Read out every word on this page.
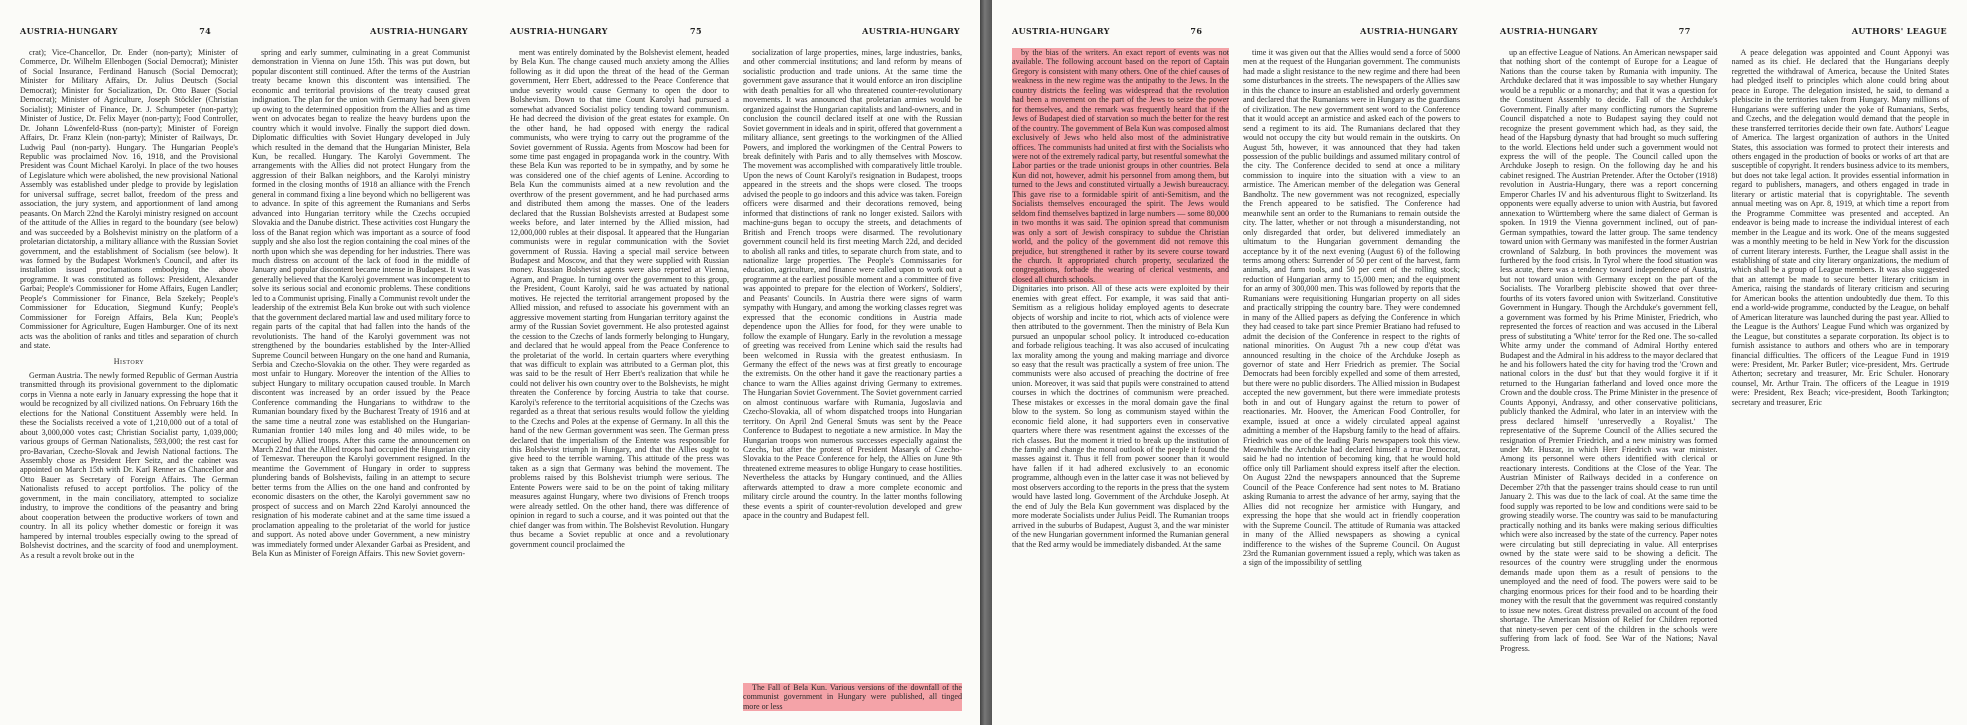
AUSTRIA-HUNGARY	74	AUSTRIA-HUNGARY

crat); Vice-Chancellor, Dr. Ender (non-party); Minister of Commerce, Dr. Wilhelm Ellenbogen (Social Democrat); Minister of Social Insurance, Ferdinand Hanusch (Social Democrat); Minister for Military Affairs, Dr. Julius Deutsch (Social Democrat); Minister for Socialization, Dr. Otto Bauer (Social Democrat); Minister of Agriculture, Joseph Stöckler (Christian Socialist); Minister of Finance, Dr. J. Schumpeter (non-party); Minister of Justice, Dr. Felix Mayer (non-party); Food Controller, Dr. Johann Löwenfeld-Russ (non-party); Minister of Foreign Affairs, Dr. Franz Klein (non-party); Minister of Railways, Dr. Ludwig Paul (non-party). Hungary. The Hungarian People's Republic was proclaimed Nov. 16, 1918, and the Provisional President was Count Michael Karolyi. In place of the two houses of Legislature which were abolished, the new provisional National Assembly was established under pledge to provide by legislation for universal suffrage, secret ballot, freedom of the press and association, the jury system, and apportionment of land among peasants. On March 22nd the Karolyi ministry resigned on account of the attitude of the Allies in regard to the boundary (see below) and was succeeded by a Bolshevist ministry on the platform of a proletarian dictatorship, a military alliance with the Russian Soviet government, and the establishment of Socialism (see below). It was formed by the Budapest Workmen's Council, and after its installation issued proclamations embodying the above programme. It was constituted as follows: President, Alexander Garbai; People's Commissioner for Home Affairs, Eugen Landler; People's Commissioner for Finance, Bela Szekely; People's Commissioner for Education, Siegmund Kunfy; People's Commissioner for Foreign Affairs, Bela Kun; People's Commissioner for Agriculture, Eugen Hamburger. One of its next acts was the abolition of ranks and titles and separation of church and state.

History

German Austria. The newly formed Republic of German Austria transmitted through its provisional government to the diplomatic corps in Vienna a note early in January expressing the hope that it would be recognized by all civilized nations. On February 16th the elections for the National Constituent Assembly were held. In these the Socialists received a vote of 1,210,000 out of a total of about 3,000,000 votes cast; Christian Socialist party, 1,039,000; various groups of German Nationalists, 593,000; the rest cast for pro-Bavarian, Czecho-Slovak and Jewish National factions. The Assembly chose as President Herr Seitz, and the cabinet was appointed on March 15th with Dr. Karl Renner as Chancellor and Otto Bauer as Secretary of Foreign Affairs. The German Nationalists refused to accept portfolios. The policy of the government, in the main conciliatory, attempted to socialize industry, to improve the conditions of the peasantry and bring about cooperation between the productive workers of town and country. In all its policy whether domestic or foreign it was hampered by internal troubles especially owing to the spread of Bolshevist doctrines, and the scarcity of food and unemployment. As a result a revolt broke out in the

spring and early summer, culminating in a great Communist demonstration in Vienna on June 15th. This was put down, but popular discontent still continued. After the terms of the Austrian treaty became known this discontent was intensified. The economic and territorial provisions of the treaty caused great indignation. The plan for the union with Germany had been given up owing to the determined opposition from the Allies and as time went on advocates began to realize the heavy burdens upon the country which it would involve. Finally the support died down. Diplomatic difficulties with Soviet Hungary developed in July which resulted in the demand that the Hungarian Minister, Bela Kun, be recalled. Hungary. The Karolyi Government. The arrangements with the Allies did not protect Hungary from the aggression of their Balkan neighbors, and the Karolyi ministry formed in the closing months of 1918 an alliance with the French general in command fixing a line beyond which no belligerent was to advance. In spite of this agreement the Rumanians and Serbs advanced into Hungarian territory while the Czechs occupied Slovakia and the Danube district. These activities cost Hungary the loss of the Banat region which was important as a source of food supply and she also lost the region containing the coal mines of the north upon which she was depending for her industries. There was much distress on account of the lack of food in the middle of January and popular discontent became intense in Budapest. It was generally believed that the Karolyi government was incompetent to solve its serious social and economic problems. These conditions led to a Communist uprising. Finally a Communist revolt under the leadership of the extremist Bela Kun broke out with such violence that the government declared martial law and used military force to regain parts of the capital that had fallen into the hands of the revolutionists. The hand of the Karolyi government was not strengthened by the boundaries established by the Inter-Allied Supreme Council between Hungary on the one hand and Rumania, Serbia and Czecho-Slovakia on the other. They were regarded as most unfair to Hungary. Moreover the intention of the Allies to subject Hungary to military occupation caused trouble. In March discontent was increased by an order issued by the Peace Conference commanding the Hungarians to withdraw to the Rumanian boundary fixed by the Bucharest Treaty of 1916 and at the same time a neutral zone was established on the Hungarian-Rumanian frontier 140 miles long and 40 miles wide, to be occupied by Allied troops. After this came the announcement on March 22nd that the Allied troops had occupied the Hungarian city of Temesvar. Thereupon the Karolyi government resigned. In the meantime the Government of Hungary in order to suppress plundering bands of Bolshevists, failing in an attempt to secure better terms from the Allies on the one hand and confronted by economic disasters on the other, the Karolyi government saw no prospect of success and on March 22nd Karolyi announced the resignation of his moderate cabinet and at the same time issued a proclamation appealing to the proletariat of the world for justice and support. As noted above under Government, a new ministry was immediately formed under Alexander Garbai as President, and Bela Kun as Minister of Foreign Affairs. This new Soviet govern-

AUSTRIA-HUNGARY	75	AUSTRIA-HUNGARY

ment was entirely dominated by the Bolshevist element, headed by Bela Kun. The change caused much anxiety among the Allies following as it did upon the threat of the head of the German government, Herr Ebert, addressed to the Peace Conference that undue severity would cause Germany to open the door to Bolshevism. Down to that time Count Karolyi had pursued a somewhat advanced Socialist policy tending toward communism. He had decreed the division of the great estates for example. On the other hand, he had opposed with energy the radical communists, who were trying to carry out the programme of the Soviet government of Russia. Agents from Moscow had been for some time past engaged in propaganda work in the country. With these Bela Kun was reported to be in sympathy, and by some he was considered one of the chief agents of Lenine. According to Bela Kun the communists aimed at a new revolution and the overthrow of the present government, and he had purchased arms and distributed them among the masses. One of the leaders declared that the Russian Bolshevists arrested at Budapest some weeks before, and later interned by the Allied mission, had 12,000,000 rubles at their disposal. It appeared that the Hungarian communists were in regular communication with the Soviet government of Russia. Having a special mail service between Budapest and Moscow, and that they were supplied with Russian money. Russian Bolshevist agents were also reported at Vienna, Agram, and Prague. In turning over the government to this group, the President, Count Karolyi, said he was actuated by national motives. He rejected the territorial arrangement proposed by the Allied mission, and refused to associate his government with an aggressive movement starting from Hungarian territory against the army of the Russian Soviet government. He also protested against the cession to the Czechs of lands formerly belonging to Hungary, and declared that he would appeal from the Peace Conference to the proletariat of the world. In certain quarters where everything that was difficult to explain was attributed to a German plot, this was said to be the result of Herr Ebert's realization that while he could not deliver his own country over to the Bolshevists, he might threaten the Conference by forcing Austria to take that course. Karolyi's reference to the territorial acquisitions of the Czechs was regarded as a threat that serious results would follow the yielding to the Czechs and Poles at the expense of Germany. In all this the hand of the new German government was seen. The German press declared that the imperialism of the Entente was responsible for this Bolshevist triumph in Hungary, and that the Allies ought to give heed to the terrible warning. This attitude of the press was taken as a sign that Germany was behind the movement. The problems raised by this Bolshevist triumph were serious. The Entente Powers were said to be on the point of taking military measures against Hungary, where two divisions of French troops were already settled. On the other hand, there was difference of opinion in regard to such a course, and it was pointed out that the chief danger was from within. The Bolshevist Revolution. Hungary thus became a Soviet republic at once and a revolutionary government council proclaimed the

socialization of large properties, mines, large industries, banks, and other commercial institutions; and land reform by means of socialistic production and trade unions. At the same time the government gave assurance that it would enforce an iron discipline with death penalties for all who threatened counter-revolutionary movements. It was announced that proletarian armies would be organized against the Hungarian capitalists and land-owners, and in conclusion the council declared itself at one with the Russian Soviet government in ideals and in spirit, offered that government a military alliance, sent greetings to the workingmen of the Allied Powers, and implored the workingmen of the Central Powers to break definitely with Paris and to ally themselves with Moscow. The movement was accomplished with comparatively little trouble. Upon the news of Count Karolyi's resignation in Budapest, troops appeared in the streets and the shops were closed. The troops advised the people to go indoors and this advice was taken. Foreign officers were disarmed and their decorations removed, being informed that distinctions of rank no longer existed. Sailors with machine-guns began to occupy the streets, and detachments of British and French troops were disarmed. The revolutionary government council held its first meeting March 22d, and decided to abolish all ranks and titles, to separate church from state, and to nationalize large properties. The People's Commissaries for education, agriculture, and finance were called upon to work out a programme at the earliest possible moment and a committee of five was appointed to prepare for the election of Workers', Soldiers', and Peasants' Councils. In Austria there were signs of warm sympathy with Hungary, and among the working classes regret was expressed that the economic conditions in Austria made dependence upon the Allies for food, for they were unable to follow the example of Hungary. Early in the revolution a message of greeting was received from Lenine which said the results had been welcomed in Russia with the greatest enthusiasm. In Germany the effect of the news was at first greatly to encourage the extremists. On the other hand it gave the reactionary parties a chance to warn the Allies against driving Germany to extremes. The Hungarian Soviet Government. The Soviet government carried on almost continuous warfare with Rumania, Jugoslavia and Czecho-Slovakia, all of whom dispatched troops into Hungarian territory. On April 2nd General Smuts was sent by the Peace Conference to Budapest to negotiate a new armistice. In May the Hungarian troops won numerous successes especially against the Czechs, but after the protest of President Masaryk of Czecho-Slovakia to the Peace Conference for help, the Allies on June 9th threatened extreme measures to oblige Hungary to cease hostilities. Nevertheless the attacks by Hungary continued, and the Allies afterwards attempted to draw a more complete economic and military circle around the country. In the latter months following these events a spirit of counter-revolution developed and grew apace in the country and Budapest fell.

The Fall of Bela Kun. Various versions of the downfall of the communist government in Hungary were published, all tinged more or less

AUSTRIA-HUNGARY	76	AUSTRIA-HUNGARY

by the bias of the writers. An exact report of events was not available. The following account based on the report of Captain Gregory is consistent with many others. One of the chief causes of weakness in the new regime was the antipathy to the Jews. In the country districts the feeling was widespread that the revolution had been a movement on the part of the Jews to seize the power for themselves, and the remark was frequently heard that if the Jews of Budapest died of starvation so much the better for the rest of the country. The government of Bela Kun was composed almost exclusively of Jews who held also most of the administrative offices. The communists had united at first with the Socialists who were not of the extremely radical party, but resentful somewhat the Labor parties or the trade unionist groups in other countries. Bela Kun did not, however, admit his personnel from among them, but turned to the Jews and constituted virtually a Jewish bureaucracy. This gave rise to a formidable spirit of anti-Semitism, and the Socialists themselves encouraged the spirit. The Jews would seldom find themselves baptized in large numbers — some 80,000 in two months it was said. The opinion spread that communism was only a sort of Jewish conspiracy to subdue the Christian world, and the policy of the government did not remove this prejudice, but strengthened it rather by its severe course toward the church. It appropriated church property, secularized the congregations, forbade the wearing of clerical vestments, and closed all church schools.

Dignitaries into prison. All of these acts were exploited by their enemies with great effect. For example, it was said that anti-Semitism as a religious holiday employed agents to desecrate objects of worship and incite to riot, which acts of violence were then attributed to the government. Then the ministry of Bela Kun pursued an unpopular school policy. It introduced co-education and forbade religious teaching. It was also accused of inculcating lax morality among the young and making marriage and divorce so easy that the result was practically a system of free union. The communists were also accused of preaching the doctrine of free union. Moreover, it was said that pupils were constrained to attend courses in which the doctrines of communism were preached. These mistakes or excesses in the moral domain gave the final blow to the system. So long as communism stayed within the economic field alone, it had supporters even in conservative quarters where there was resentment against the excesses of the rich classes. But the moment it tried to break up the institution of the family and change the moral outlook of the people it found the masses against it. Thus it fell from power sooner than it would have fallen if it had adhered exclusively to an economic programme, although even in the latter case it was not believed by most observers according to the reports in the press that the system would have lasted long. Government of the Archduke Joseph. At the end of July the Bela Kun government was displaced by the more moderate Socialists under Julius Peidl. The Rumanian troops arrived in the suburbs of Budapest, August 3, and the war minister of the new Hungarian government informed the Rumanian general that the Red army would be immediately disbanded. At the same

time it was given out that the Allies would send a force of 5000 men at the request of the Hungarian government. The communists had made a slight resistance to the new regime and there had been some disturbances in the streets. The newspapers of the Allies saw in this the chance to insure an established and orderly government and declared that the Rumanians were in Hungary as the guardians of civilization. The new government sent word to the Conference that it would accept an armistice and asked each of the powers to send a regiment to its aid. The Rumanians declared that they would not occupy the city but would remain in the outskirts. On August 5th, however, it was announced that they had taken possession of the public buildings and assumed military control of the city. The Conference decided to send at once a military commission to inquire into the situation with a view to an armistice. The American member of the delegation was General Bandholtz. The new government was not recognized, especially the French appeared to be satisfied. The Conference had meanwhile sent an order to the Rumanians to remain outside the city. The latter, whether or not through a misunderstanding, not only disregarded that order, but delivered immediately an ultimatum to the Hungarian government demanding the acceptance by it of the next evening (August 6) of the following terms among others: Surrender of 50 per cent of the harvest, farm animals, and farm tools, and 50 per cent of the rolling stock; reduction of Hungarian army to 15,000 men; and the equipment for an army of 300,000 men. This was followed by reports that the Rumanians were requisitioning Hungarian property on all sides and practically stripping the country bare. They were condemned in many of the Allied papers as defying the Conference in which they had ceased to take part since Premier Bratiano had refused to admit the decision of the Conference in respect to the rights of national minorities. On August 7th a new coup d'état was announced resulting in the choice of the Archduke Joseph as governor of state and Herr Friedrich as premier. The Social Democrats had been forcibly expelled and some of them arrested, but there were no public disorders. The Allied mission in Budapest accepted the new government, but there were immediate protests both in and out of Hungary against the return to power of reactionaries. Mr. Hoover, the American Food Controller, for example, issued at once a widely circulated appeal against admitting a member of the Hapsburg family to the head of affairs. Friedrich was one of the leading Paris newspapers took this view. Meanwhile the Archduke had declared himself a true Democrat, said he had no intention of becoming king, that he would hold office only till Parliament should express itself after the election. On August 22nd the newspapers announced that the Supreme Council of the Peace Conference had sent notes to M. Bratiano asking Rumania to arrest the advance of her army, saying that the Allies did not recognize her armistice with Hungary, and expressing the hope that she would act in friendly cooperation with the Supreme Council. The attitude of Rumania was attacked in many of the Allied newspapers as showing a cynical indifference to the wishes of the Supreme Council. On August 23rd the Rumanian government issued a reply, which was taken as a sign of the impossibility of settling

AUSTRIA-HUNGARY	77	AUTHORS' LEAGUE

up an effective League of Nations. An American newspaper said that nothing short of the contempt of Europe for a League of Nations than the course taken by Rumania with impunity. The Archduke declared that it was impossible to say whether Hungary would be a republic or a monarchy; and that it was a question for the Constituent Assembly to decide. Fall of the Archduke's Government. Finally after many conflicting rumors the Supreme Council dispatched a note to Budapest saying they could not recognize the present government which had, as they said, the head of the Hapsburg dynasty that had brought so much suffering to the world. Elections held under such a government would not express the will of the people. The Council called upon the Archduke Joseph to resign. On the following day he and his cabinet resigned. The Austrian Pretender. After the October (1918) revolution in Austria-Hungary, there was a report concerning Emperor Charles IV and his adventurous flight to Switzerland. Its opponents were equally adverse to union with Austria, but favored annexation to Württemberg where the same dialect of German is spoken. In 1919 the Vienna government inclined, out of pan-German sympathies, toward the latter group. The same tendency toward union with Germany was manifested in the former Austrian crownland of Salzburg. In both provinces the movement was furthered by the food crisis. In Tyrol where the food situation was less acute, there was a tendency toward independence of Austria, but not toward union with Germany except on the part of the Socialists. The Vorarlberg plebiscite showed that over three-fourths of its voters favored union with Switzerland. Constitutive Government in Hungary. Though the Archduke's government fell, a government was formed by his Prime Minister, Friedrich, who represented the forces of reaction and was accused in the Liberal press of substituting a 'White' terror for the Red one. The so-called White army under the command of Admiral Horthy entered Budapest and the Admiral in his address to the mayor declared that he and his followers hated the city for having trod the 'Crown and national colors in the dust' but that they would forgive it if it returned to the Hungarian fatherland and loved once more the Crown and the double cross. The Prime Minister in the presence of Counts Apponyi, Andrassy, and other conservative politicians, publicly thanked the Admiral, who later in an interview with the press declared himself 'unreservedly a Royalist.' The representative of the Supreme Council of the Allies secured the resignation of Premier Friedrich, and a new ministry was formed under Mr. Huszar, in which Herr Friedrich was war minister. Among its personnel were others identified with clerical or reactionary interests. Conditions at the Close of the Year. The Austrian Minister of Railways decided in a conference on December 27th that the passenger trains should cease to run until January 2. This was due to the lack of coal. At the same time the food supply was reported to be low and conditions were said to be growing steadily worse. The country was said to be manufacturing practically nothing and its banks were making serious difficulties which were also increased by the state of the currency. Paper notes were circulating but still depreciating in value. All enterprises owned by the state were said to be showing a deficit. The resources of the country were struggling under the enormous demands made upon them as a result of pensions to the unemployed and the need of food. The powers were said to be charging enormous prices for their food and to be hoarding their money with the result that the government was required constantly to issue new notes. Great distress prevailed on account of the food shortage. The American Mission of Relief for Children reported that ninety-seven per cent of the children in the schools were suffering from lack of food. See War of the Nations; Naval Progress.

A peace delegation was appointed and Count Apponyi was named as its chief. He declared that the Hungarians deeply regretted the withdrawal of America, because the United States had pledged itself to principles which alone could bring about peace in Europe. The delegation insisted, he said, to demand a plebiscite in the territories taken from Hungary. Many millions of Hungarians were suffering under the yoke of Rumanians, Serbs, and Czechs, and the delegation would demand that the people in these transferred territories decide their own fate. Authors' League of America. The largest organization of authors in the United States, this association was formed to protect their interests and others engaged in the production of books or works of art that are susceptible of copyright. It renders business advice to its members, but does not take legal action. It provides essential information in regard to publishers, managers, and others engaged in trade in literary or artistic material that is copyrightable. The seventh annual meeting was on Apr. 8, 1919, at which time a report from the Programme Committee was presented and accepted. An endeavor is being made to increase the individual interest of each member in the League and its work. One of the means suggested was a monthly meeting to be held in New York for the discussion of current literary interests. Further, the League shall assist in the establishing of state and city literary organizations, the medium of which shall be a group of League members. It was also suggested that an attempt be made to secure better literary criticism in America, raising the standards of literary criticism and securing for American books the attention undoubtedly due them. To this end a world-wide programme, conducted by the League, on behalf of American literature was launched during the past year. Allied to the League is the Authors' League Fund which was organized by the League, but constitutes a separate corporation. Its object is to furnish assistance to authors and others who are in temporary financial difficulties. The officers of the League Fund in 1919 were: President, Mr. Parker Butler; vice-president, Mrs. Gertrude Atherton; secretary and treasurer, Mr. Eric Schuler. Honorary counsel, Mr. Arthur Train. The officers of the League in 1919 were: President, Rex Beach; vice-president, Booth Tarkington; secretary and treasurer, Eric
